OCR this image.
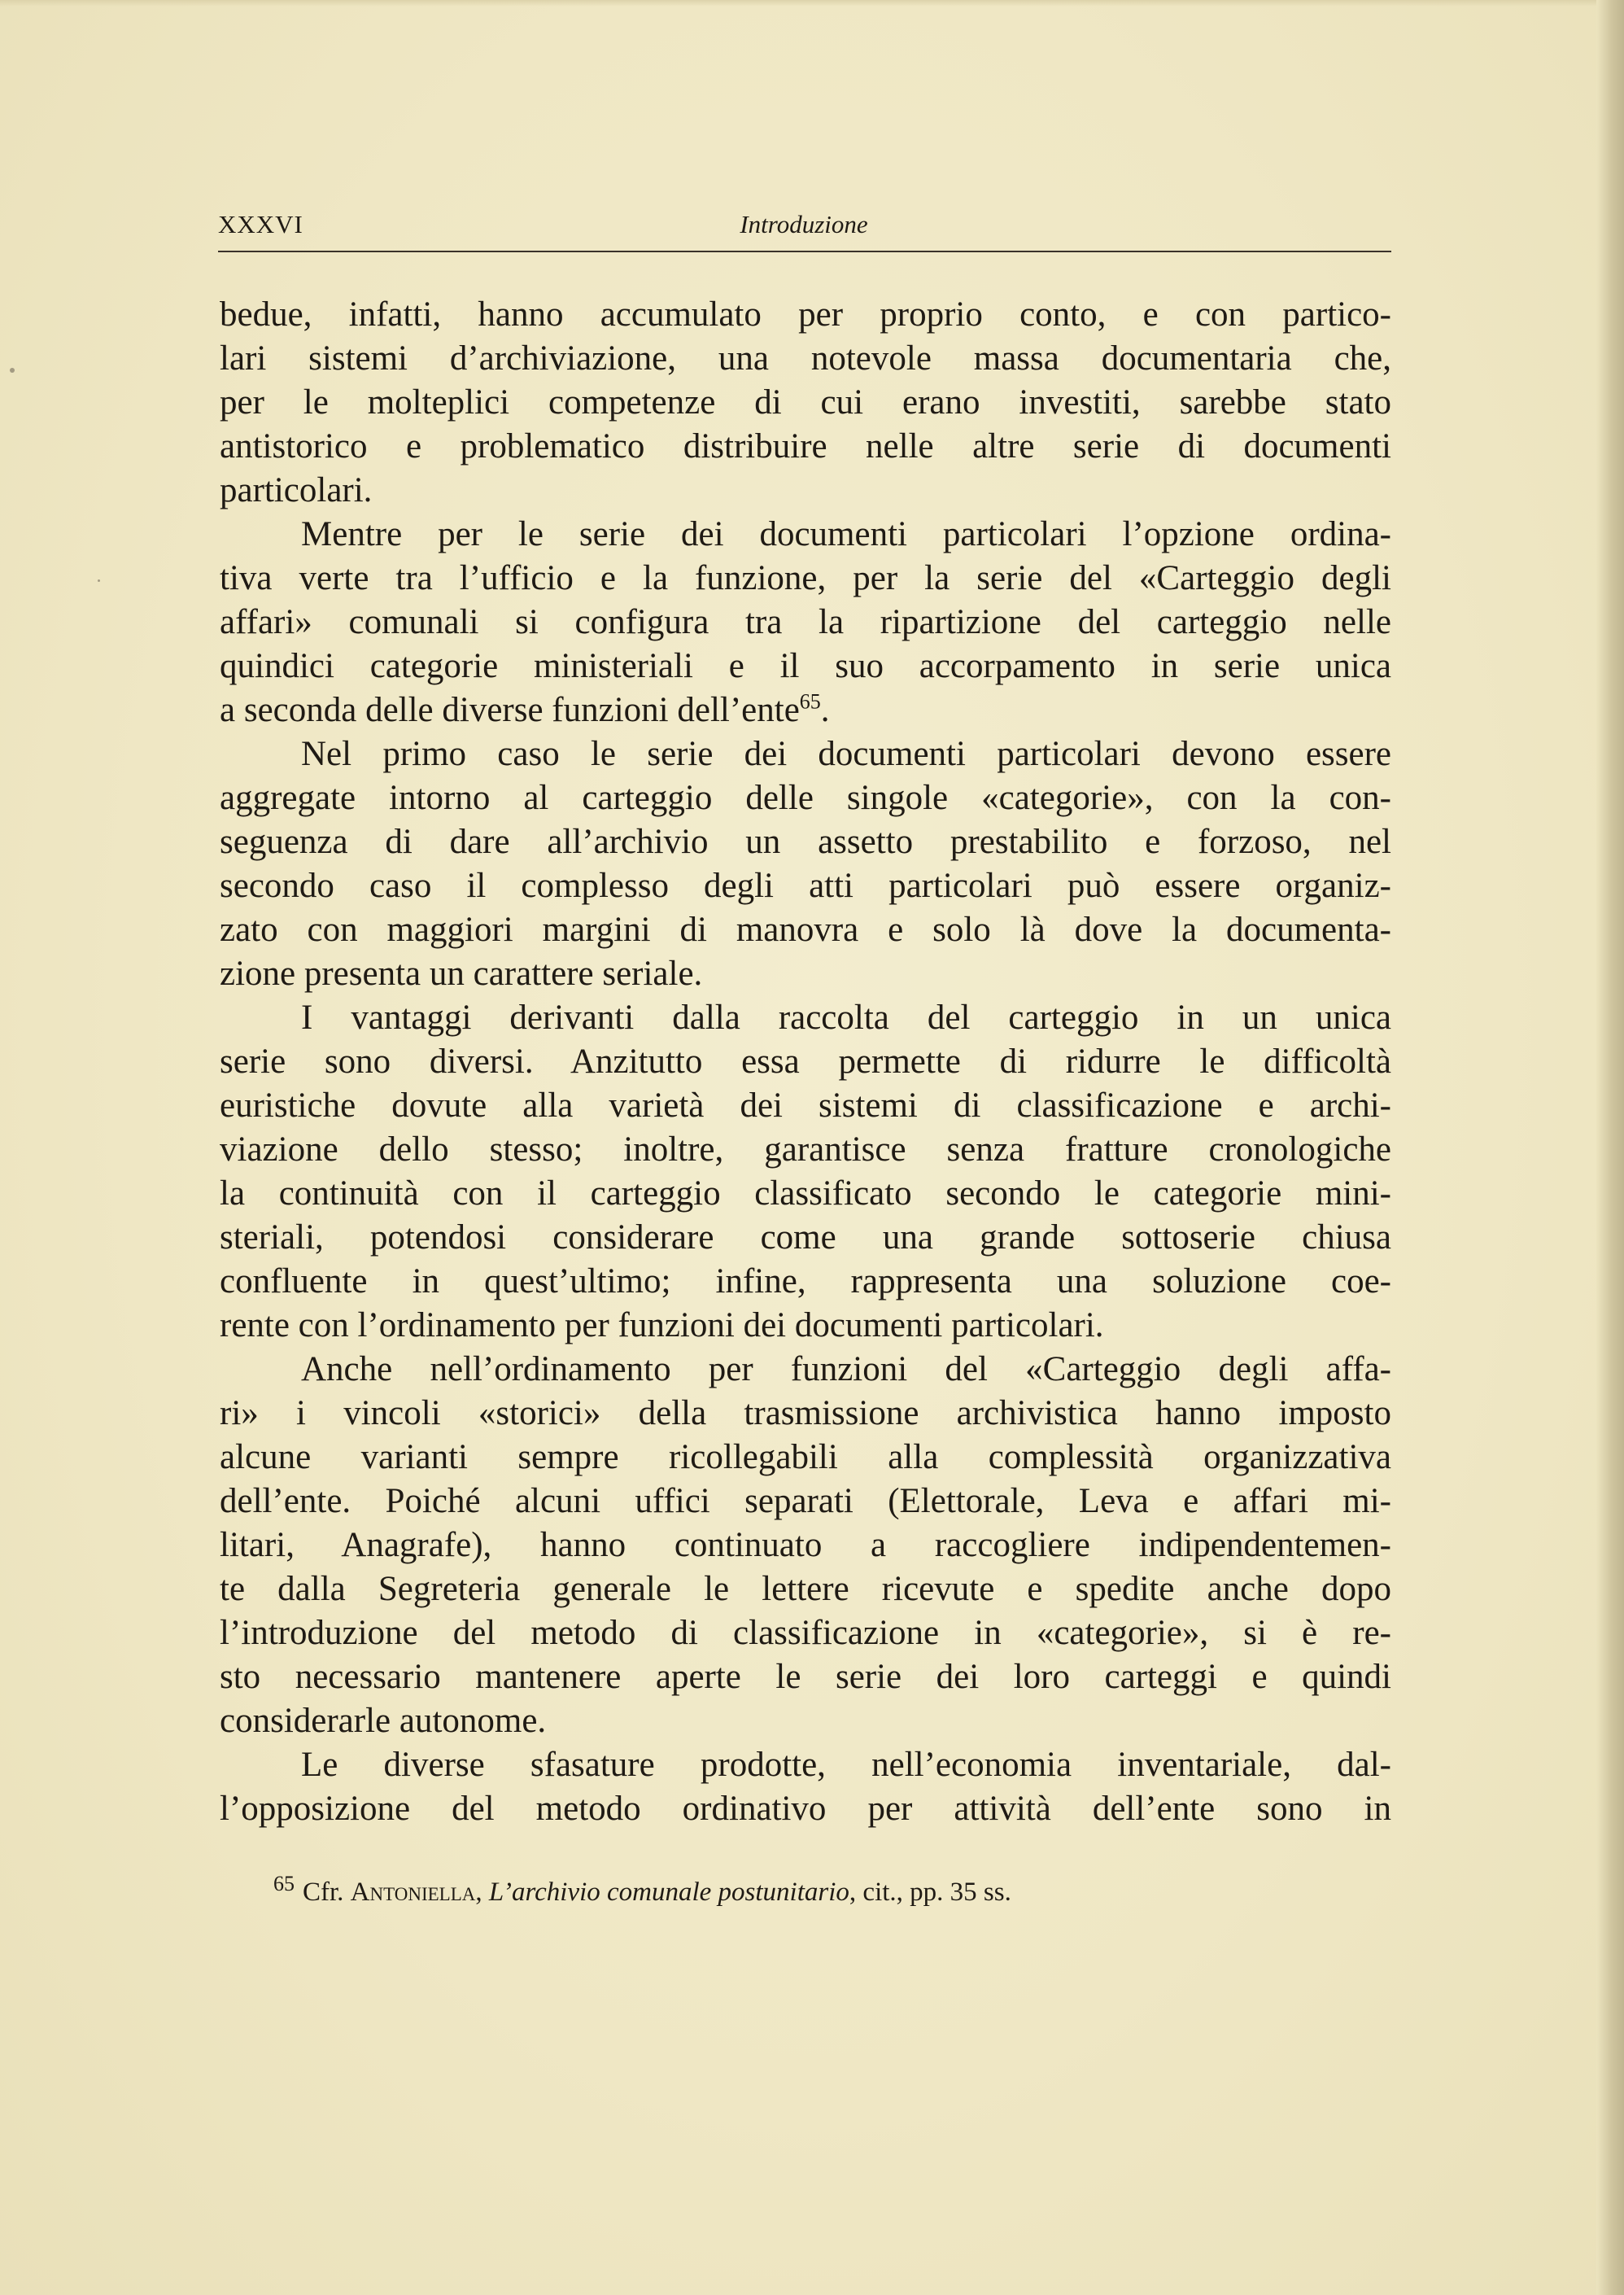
XXXVI	Introduzione

bedue, infatti, hanno accumulato per proprio conto, e con partico-
lari sistemi d’archiviazione, una notevole massa documentaria che,
per le molteplici competenze di cui erano investiti, sarebbe stato
antistorico e problematico distribuire nelle altre serie di documenti
particolari.

Mentre per le serie dei documenti particolari l’opzione ordina-
tiva verte tra l’ufficio e la funzione, per la serie del «Carteggio degli
affari» comunali si configura tra la ripartizione del carteggio nelle
quindici categorie ministeriali e il suo accorpamento in serie unica
a seconda delle diverse funzioni dell’ente$^{65}$.

Nel primo caso le serie dei documenti particolari devono essere
aggregate intorno al carteggio delle singole «categorie», con la con-
seguenza di dare all’archivio un assetto prestabilito e forzoso, nel
secondo caso il complesso degli atti particolari può essere organiz-
zato con maggiori margini di manovra e solo là dove la documenta-
zione presenta un carattere seriale.

I vantaggi derivanti dalla raccolta del carteggio in un unica
serie sono diversi. Anzitutto essa permette di ridurre le difficoltà
euristiche dovute alla varietà dei sistemi di classificazione e archi-
viazione dello stesso; inoltre, garantisce senza fratture cronologiche
la continuità con il carteggio classificato secondo le categorie mini-
steriali, potendosi considerare come una grande sottoserie chiusa
confluente in quest’ultimo; infine, rappresenta una soluzione coe-
rente con l’ordinamento per funzioni dei documenti particolari.

Anche nell’ordinamento per funzioni del «Carteggio degli affa-
ri» i vincoli «storici» della trasmissione archivistica hanno imposto
alcune varianti sempre ricollegabili alla complessità organizzativa
dell’ente. Poiché alcuni uffici separati (Elettorale, Leva e affari mi-
litari, Anagrafe), hanno continuato a raccogliere indipendentemen-
te dalla Segreteria generale le lettere ricevute e spedite anche dopo
l’introduzione del metodo di classificazione in «categorie», si è re-
sto necessario mantenere aperte le serie dei loro carteggi e quindi
considerarle autonome.

Le diverse sfasature prodotte, nell’economia inventariale, dal-
l’opposizione del metodo ordinativo per attività dell’ente sono in

$^{65}$ Cfr. Antoniella, L’archivio comunale postunitario, cit., pp. 35 ss.
